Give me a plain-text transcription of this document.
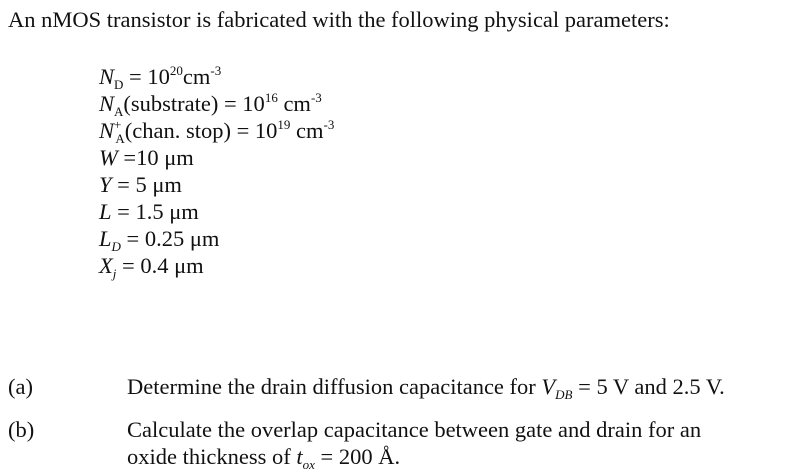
An nMOS transistor is fabricated with the following physical parameters:
$N_D = 10^{20}cm^{-3}$
$N_A(substrate) = 10^{16}$ $cm^{-3}$
$N^+_A(chan$. stop) = $10^{19}$ $cm^{-3}$
W =10 μm
Y = 5 μm
L = 1.5 μm
$L_D = 0.25$ μm
$X_j = 0.4$ μm
(a)	Determine the drain diffusion capacitance for $V_{DB} = 5$ V and 2.5 V.
(b)	Calculate the overlap capacitance between gate and drain for an
oxide thickness of $t_{ox} = 200$ Å.
